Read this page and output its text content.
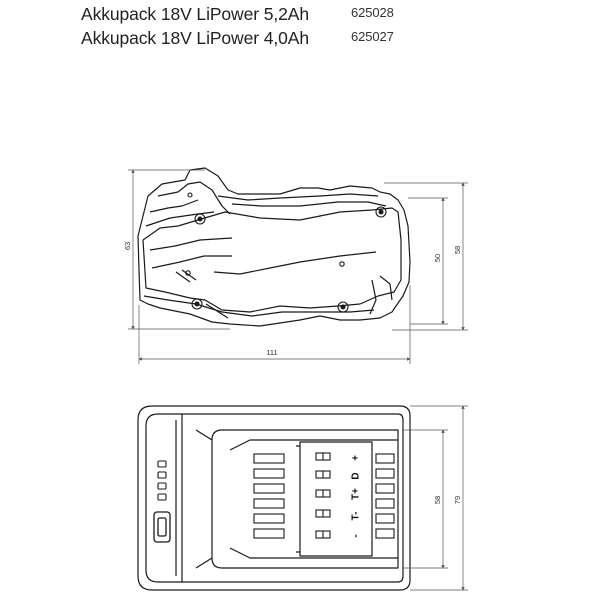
Akkupack 18V LiPower 5,2Ah	625028
Akkupack 18V LiPower 4,0Ah	625027
63	58
50
111
+
D
T+
T-
-
58 79
